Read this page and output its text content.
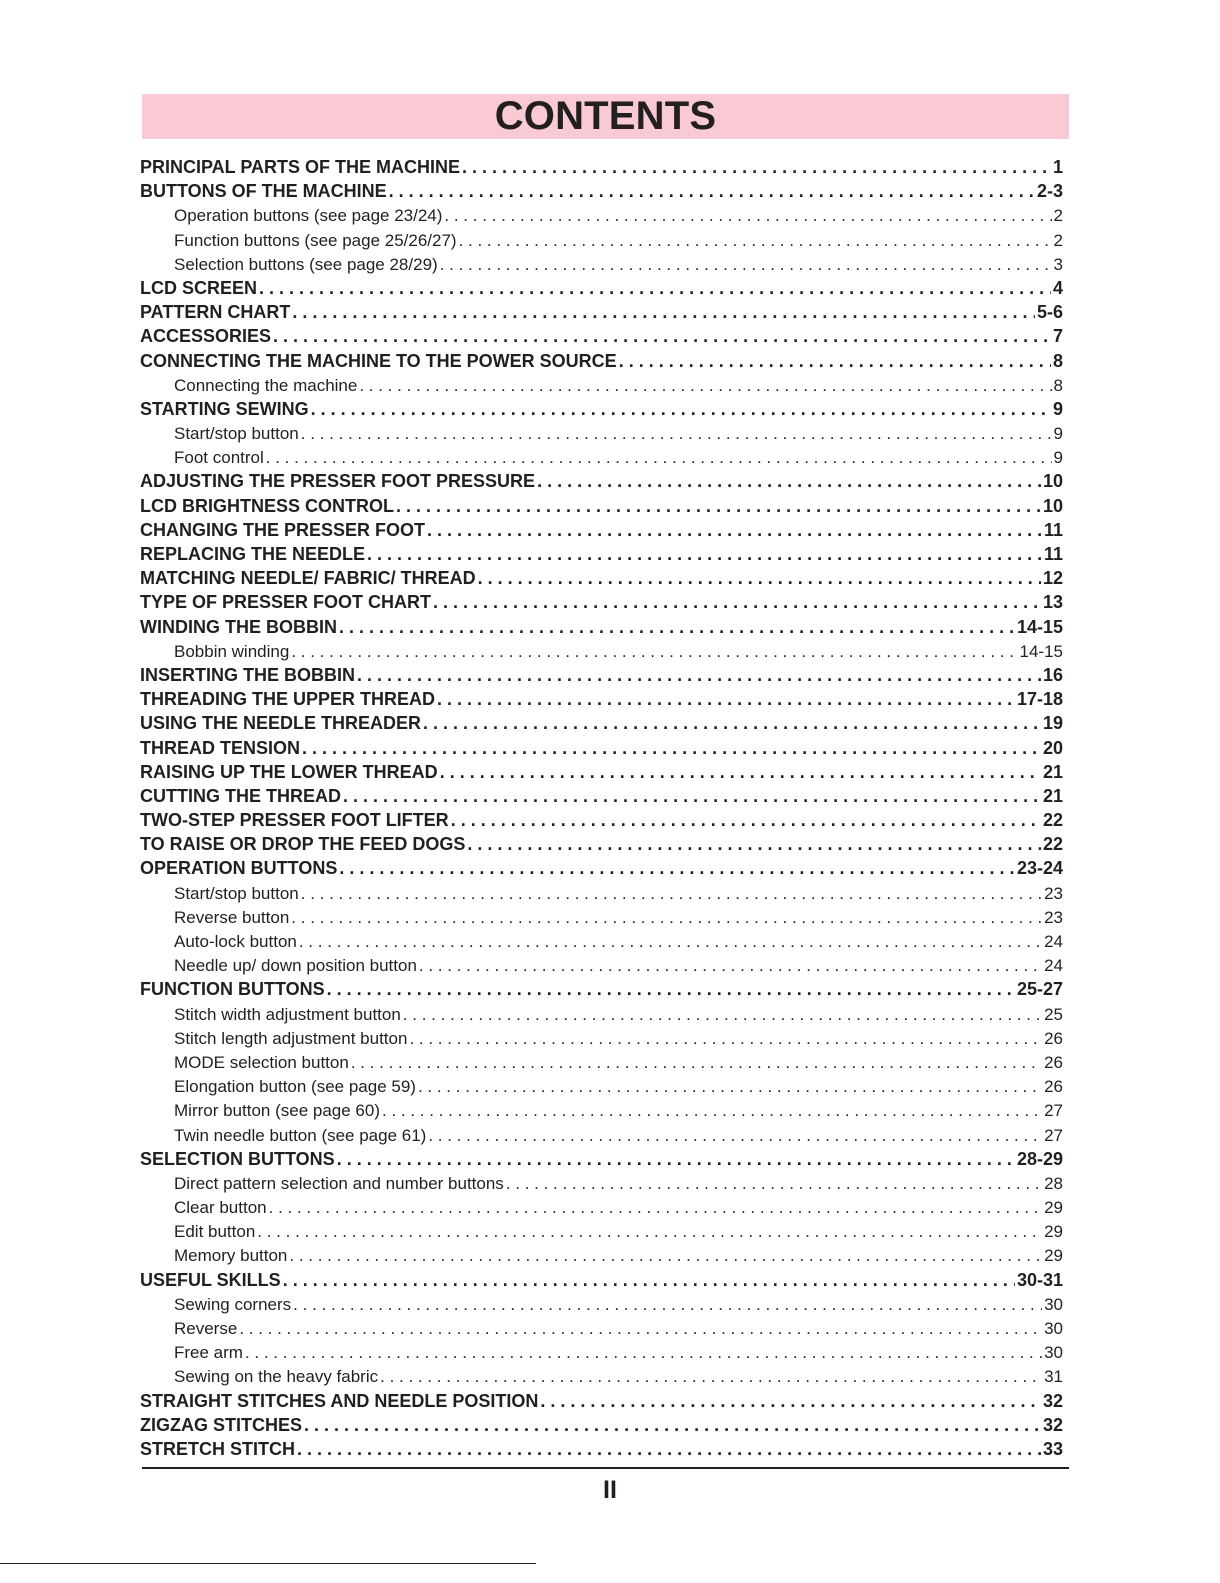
CONTENTS
PRINCIPAL PARTS OF THE MACHINE . . .	1
BUTTONS OF THE MACHINE . . .	2-3
Operation buttons (see page 23/24) . . .	2
Function buttons (see page 25/26/27) . . .	2
Selection buttons (see page 28/29) . . .	3
LCD SCREEN . . .	4
PATTERN CHART . . .	5-6
ACCESSORIES . . .	7
CONNECTING THE MACHINE TO THE POWER SOURCE . . .	8
Connecting the machine . . .	8
STARTING SEWING . . .	9
Start/stop button . . .	9
Foot control . . .	9
ADJUSTING THE PRESSER FOOT PRESSURE . . .	10
LCD BRIGHTNESS CONTROL . . .	10
CHANGING THE PRESSER FOOT . . .	11
REPLACING THE NEEDLE . . .	11
MATCHING NEEDLE/ FABRIC/ THREAD . . .	12
TYPE OF PRESSER FOOT CHART . . .	13
WINDING THE BOBBIN . . .	14-15
Bobbin winding . . .	14-15
INSERTING THE BOBBIN . . .	16
THREADING THE UPPER THREAD . . .	17-18
USING THE NEEDLE THREADER . . .	19
THREAD TENSION . . .	20
RAISING UP THE LOWER THREAD . . .	21
CUTTING THE THREAD . . .	21
TWO-STEP PRESSER FOOT LIFTER . . .	22
TO RAISE OR DROP THE FEED DOGS . . .	22
OPERATION BUTTONS . . .	23-24
Start/stop button . . .	23
Reverse button . . .	23
Auto-lock button . . .	24
Needle up/ down position button . . .	24
FUNCTION BUTTONS . . .	25-27
Stitch width adjustment button . . .	25
Stitch length adjustment button . . .	26
MODE selection button . . .	26
Elongation button (see page 59) . . .	26
Mirror button (see page 60) . . .	27
Twin needle button (see page 61) . . .	27
SELECTION BUTTONS . . .	28-29
Direct pattern selection and number buttons . . .	28
Clear button . . .	29
Edit button . . .	29
Memory button . . .	29
USEFUL SKILLS . . .	30-31
Sewing corners . . .	30
Reverse . . .	30
Free arm . . .	30
Sewing on the heavy fabric . . .	31
STRAIGHT STITCHES AND NEEDLE POSITION . . .	32
ZIGZAG STITCHES . . .	32
STRETCH STITCH . . .	33
II
